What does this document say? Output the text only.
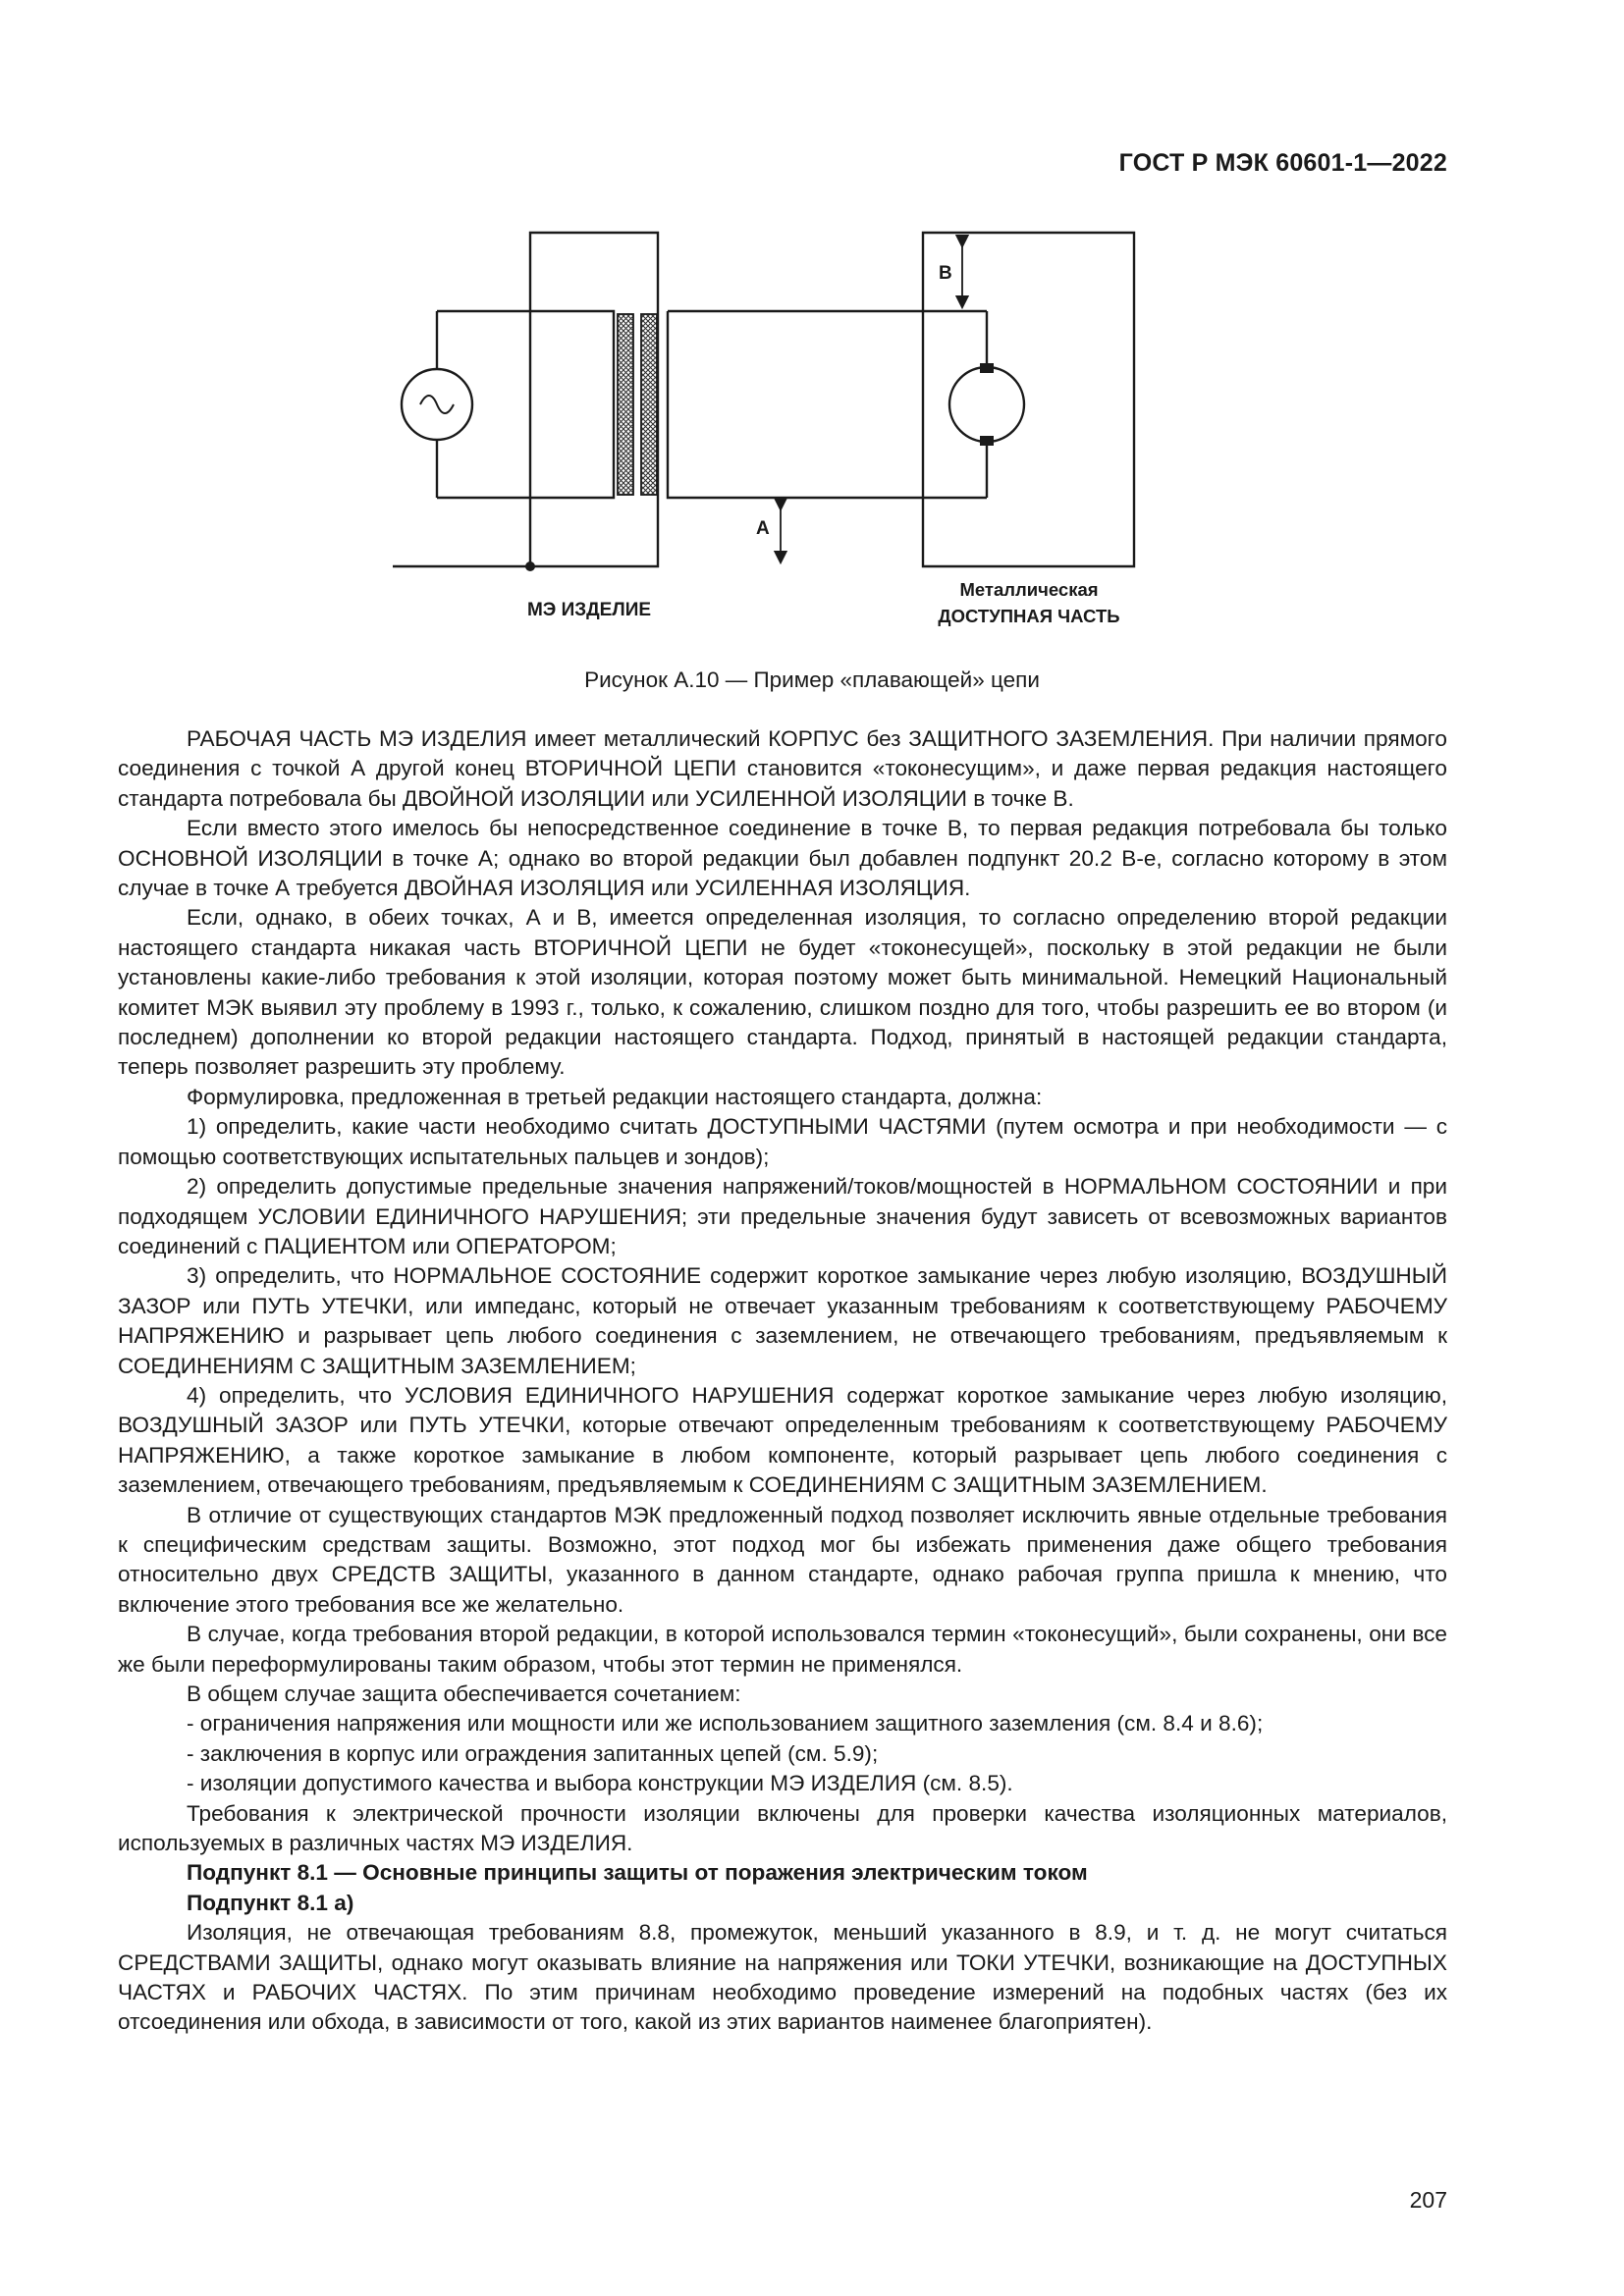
ГОСТ Р МЭК 60601-1—2022
А
В
МЭ ИЗДЕЛИЕ
Металлическая
ДОСТУПНАЯ ЧАСТЬ
Рисунок А.10 — Пример «плавающей» цепи

РАБОЧАЯ ЧАСТЬ МЭ ИЗДЕЛИЯ имеет металлический КОРПУС без ЗАЩИТНОГО ЗАЗЕМЛЕНИЯ. При наличии прямого соединения с точкой А другой конец ВТОРИЧНОЙ ЦЕПИ становится «токонесущим», и даже первая редакция настоящего стандарта потребовала бы ДВОЙНОЙ ИЗОЛЯЦИИ или УСИЛЕННОЙ ИЗОЛЯЦИИ в точке В.

Если вместо этого имелось бы непосредственное соединение в точке В, то первая редакция потребовала бы только ОСНОВНОЙ ИЗОЛЯЦИИ в точке А; однако во второй редакции был добавлен подпункт 20.2 В-е, согласно которому в этом случае в точке А требуется ДВОЙНАЯ ИЗОЛЯЦИЯ или УСИЛЕННАЯ ИЗОЛЯЦИЯ.

Если, однако, в обеих точках, А и В, имеется определенная изоляция, то согласно определению второй редакции настоящего стандарта никакая часть ВТОРИЧНОЙ ЦЕПИ не будет «токонесущей», поскольку в этой редакции не были установлены какие-либо требования к этой изоляции, которая поэтому может быть минимальной. Немецкий Национальный комитет МЭК выявил эту проблему в 1993 г., только, к сожалению, слишком поздно для того, чтобы разрешить ее во втором (и последнем) дополнении ко второй редакции настоящего стандарта. Подход, принятый в настоящей редакции стандарта, теперь позволяет разрешить эту проблему.

Формулировка, предложенная в третьей редакции настоящего стандарта, должна:

1) определить, какие части необходимо считать ДОСТУПНЫМИ ЧАСТЯМИ (путем осмотра и при необходимости — с помощью соответствующих испытательных пальцев и зондов);

2) определить допустимые предельные значения напряжений/токов/мощностей в НОРМАЛЬНОМ СОСТОЯНИИ и при подходящем УСЛОВИИ ЕДИНИЧНОГО НАРУШЕНИЯ; эти предельные значения будут зависеть от всевозможных вариантов соединений с ПАЦИЕНТОМ или ОПЕРАТОРОМ;

3) определить, что НОРМАЛЬНОЕ СОСТОЯНИЕ содержит короткое замыкание через любую изоляцию, ВОЗДУШНЫЙ ЗАЗОР или ПУТЬ УТЕЧКИ, или импеданс, который не отвечает указанным требованиям к соответствующему РАБОЧЕМУ НАПРЯЖЕНИЮ и разрывает цепь любого соединения с заземлением, не отвечающего требованиям, предъявляемым к СОЕДИНЕНИЯМ С ЗАЩИТНЫМ ЗАЗЕМЛЕНИЕМ;

4) определить, что УСЛОВИЯ ЕДИНИЧНОГО НАРУШЕНИЯ содержат короткое замыкание через любую изоляцию, ВОЗДУШНЫЙ ЗАЗОР или ПУТЬ УТЕЧКИ, которые отвечают определенным требованиям к соответствующему РАБОЧЕМУ НАПРЯЖЕНИЮ, а также короткое замыкание в любом компоненте, который разрывает цепь любого соединения с заземлением, отвечающего требованиям, предъявляемым к СОЕДИНЕНИЯМ С ЗАЩИТНЫМ ЗАЗЕМЛЕНИЕМ.

В отличие от существующих стандартов МЭК предложенный подход позволяет исключить явные отдельные требования к специфическим средствам защиты. Возможно, этот подход мог бы избежать применения даже общего требования относительно двух СРЕДСТВ ЗАЩИТЫ, указанного в данном стандарте, однако рабочая группа пришла к мнению, что включение этого требования все же желательно.

В случае, когда требования второй редакции, в которой использовался термин «токонесущий», были сохранены, они все же были переформулированы таким образом, чтобы этот термин не применялся.

В общем случае защита обеспечивается сочетанием:

- ограничения напряжения или мощности или же использованием защитного заземления (см. 8.4 и 8.6);

- заключения в корпус или ограждения запитанных цепей (см. 5.9);

- изоляции допустимого качества и выбора конструкции МЭ ИЗДЕЛИЯ (см. 8.5).

Требования к электрической прочности изоляции включены для проверки качества изоляционных материалов, используемых в различных частях МЭ ИЗДЕЛИЯ.

Подпункт 8.1 — Основные принципы защиты от поражения электрическим током

Подпункт 8.1 а)

Изоляция, не отвечающая требованиям 8.8, промежуток, меньший указанного в 8.9, и т. д. не могут считаться СРЕДСТВАМИ ЗАЩИТЫ, однако могут оказывать влияние на напряжения или ТОКИ УТЕЧКИ, возникающие на ДОСТУПНЫХ ЧАСТЯХ и РАБОЧИХ ЧАСТЯХ. По этим причинам необходимо проведение измерений на подобных частях (без их отсоединения или обхода, в зависимости от того, какой из этих вариантов наименее благоприятен).

207
